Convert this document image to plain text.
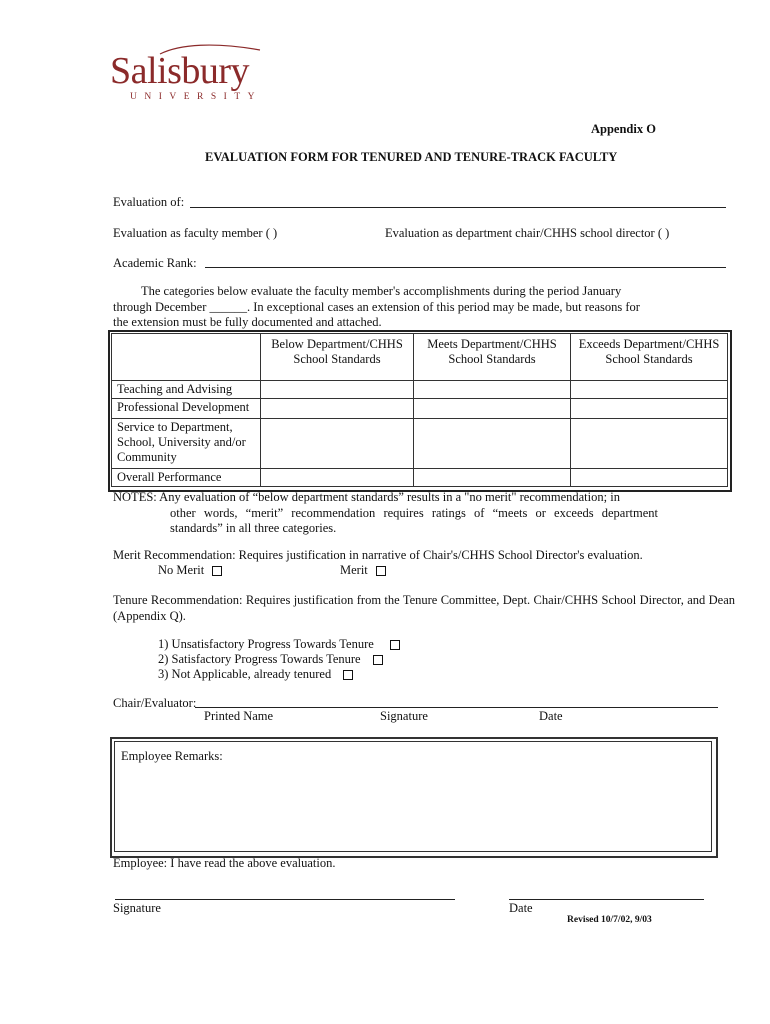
Salisbury
UNIVERSITY
Appendix O
EVALUATION FORM FOR TENURED AND TENURE-TRACK FACULTY
Evaluation of:
Evaluation as faculty member ( )	Evaluation as department chair/CHHS school director ( )
Academic Rank:
The categories below evaluate the faculty member's accomplishments during the period January
through December ______. In exceptional cases an extension of this period may be made, but reasons for
the extension must be fully documented and attached.
	Below Department/CHHS School Standards	Meets Department/CHHS School Standards	Exceeds Department/CHHS School Standards
Teaching and Advising			
Professional Development			
Service to Department, School, University and/or Community			
Overall Performance			
NOTES: Any evaluation of “below department standards” results in a "no merit" recommendation; in
other words, “merit” recommendation requires ratings of “meets or exceeds department standards” in all three categories.
Merit Recommendation: Requires justification in narrative of Chair's/CHHS School Director's evaluation.
No Merit	Merit
Tenure Recommendation: Requires justification from the Tenure Committee, Dept. Chair/CHHS School Director, and Dean (Appendix Q).
1) Unsatisfactory Progress Towards Tenure
2) Satisfactory Progress Towards Tenure
3) Not Applicable, already tenured
Chair/Evaluator:
Printed Name	Signature	Date
Employee Remarks:
Employee: I have read the above evaluation.
Signature	Date
Revised 10/7/02, 9/03
